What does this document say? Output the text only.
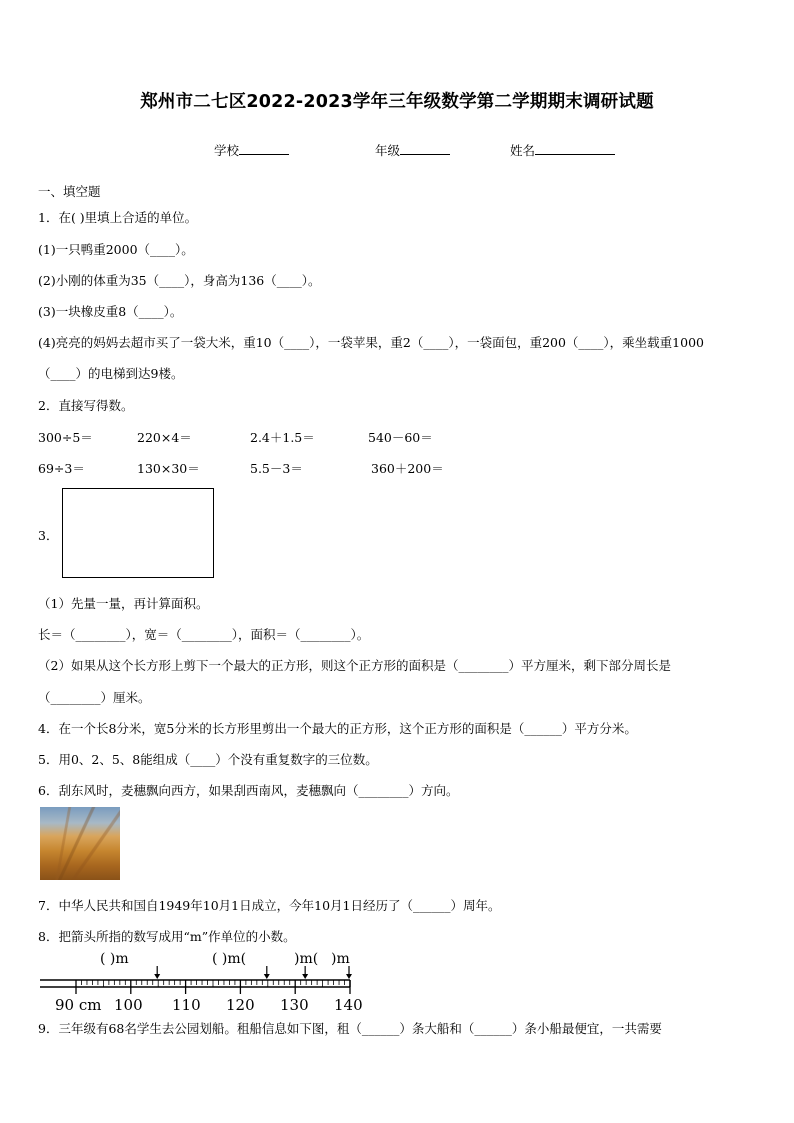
郑州市二七区2022-2023学年三年级数学第二学期期末调研试题
学校	年级	姓名
一、填空题
1．在( )里填上合适的单位。
(1)一只鸭重2000（____）。
(2)小刚的体重为35（____），身高为136（____）。
(3)一块橡皮重8（____）。
(4)亮亮的妈妈去超市买了一袋大米，重10（____），一袋苹果，重2（____），一袋面包，重200（____），乘坐载重1000
（____）的电梯到达9楼。
2．直接写得数。
300÷5＝	220×4＝	2.4＋1.5＝	540－60＝
69÷3＝	130×30＝	5.5－3＝	360＋200＝
3．
（1）先量一量，再计算面积。
长＝（________），宽＝（________），面积＝（________）。
（2）如果从这个长方形上剪下一个最大的正方形，则这个正方形的面积是（________）平方厘米，剩下部分周长是
（________）厘米。
4．在一个长8分米，宽5分米的长方形里剪出一个最大的正方形，这个正方形的面积是（______）平方分米。
5．用0、2、5、8能组成（____）个没有重复数字的三位数。
6．刮东风时，麦穗飘向西方，如果刮西南风，麦穗飘向（________）方向。
7．中华人民共和国自1949年10月1日成立，今年10月1日经历了（______）周年。
8．把箭头所指的数写成用“m”作单位的小数。
( )m	( )m(	)m( )m
90 cm 100 110 120 130 140
9．三年级有68名学生去公园划船。租船信息如下图，租（______）条大船和（______）条小船最便宜，一共需要
